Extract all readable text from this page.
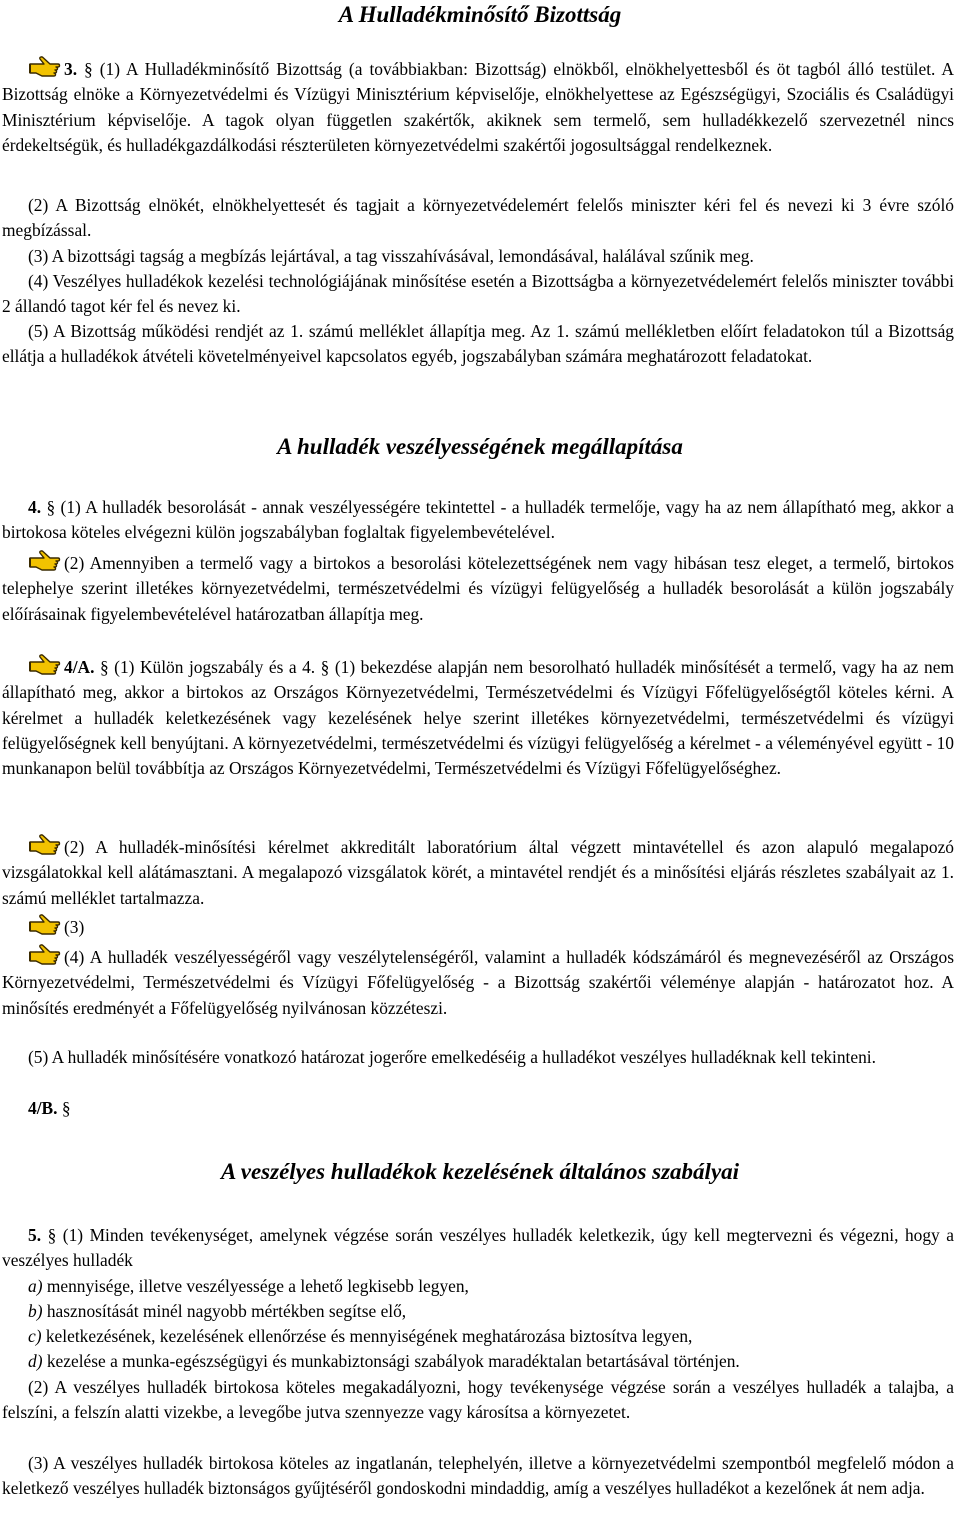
A Hulladékminősítő Bizottság

3. § (1) A Hulladékminősítő Bizottság (a továbbiakban: Bizottság) elnökből, elnökhelyettesből és öt tagból álló testület. A Bizottság elnöke a Környezetvédelmi és Vízügyi Minisztérium képviselője, elnökhelyettese az Egészségügyi, Szociális és Családügyi Minisztérium képviselője. A tagok olyan független szakértők, akiknek sem termelő, sem hulladékkezelő szervezetnél nincs érdekeltségük, és hulladékgazdálkodási részterületen környezetvédelmi szakértői jogosultsággal rendelkeznek.

(2) A Bizottság elnökét, elnökhelyettesét és tagjait a környezetvédelemért felelős miniszter kéri fel és nevezi ki 3 évre szóló megbízással.

(3) A bizottsági tagság a megbízás lejártával, a tag visszahívásával, lemondásával, halálával szűnik meg.

(4) Veszélyes hulladékok kezelési technológiájának minősítése esetén a Bizottságba a környezetvédelemért felelős miniszter további 2 állandó tagot kér fel és nevez ki.

(5) A Bizottság működési rendjét az 1. számú melléklet állapítja meg. Az 1. számú mellékletben előírt feladatokon túl a Bizottság ellátja a hulladékok átvételi követelményeivel kapcsolatos egyéb, jogszabályban számára meghatározott feladatokat.

A hulladék veszélyességének megállapítása

4. § (1) A hulladék besorolását - annak veszélyességére tekintettel - a hulladék termelője, vagy ha az nem állapítható meg, akkor a birtokosa köteles elvégezni külön jogszabályban foglaltak figyelembevételével.

(2) Amennyiben a termelő vagy a birtokos a besorolási kötelezettségének nem vagy hibásan tesz eleget, a termelő, birtokos telephelye szerint illetékes környezetvédelmi, természetvédelmi és vízügyi felügyelőség a hulladék besorolását a külön jogszabály előírásainak figyelembevételével határozatban állapítja meg.

4/A. § (1) Külön jogszabály és a 4. § (1) bekezdése alapján nem besorolható hulladék minősítését a termelő, vagy ha az nem állapítható meg, akkor a birtokos az Országos Környezetvédelmi, Természetvédelmi és Vízügyi Főfelügyelőségtől köteles kérni. A kérelmet a hulladék keletkezésének vagy kezelésének helye szerint illetékes környezetvédelmi, természetvédelmi és vízügyi felügyelőségnek kell benyújtani. A környezetvédelmi, természetvédelmi és vízügyi felügyelőség a kérelmet - a véleményével együtt - 10 munkanapon belül továbbítja az Országos Környezetvédelmi, Természetvédelmi és Vízügyi Főfelügyelőséghez.

(2) A hulladék-minősítési kérelmet akkreditált laboratórium által végzett mintavétellel és azon alapuló megalapozó vizsgálatokkal kell alátámasztani. A megalapozó vizsgálatok körét, a mintavétel rendjét és a minősítési eljárás részletes szabályait az 1. számú melléklet tartalmazza.

(3)

(4) A hulladék veszélyességéről vagy veszélytelenségéről, valamint a hulladék kódszámáról és megnevezéséről az Országos Környezetvédelmi, Természetvédelmi és Vízügyi Főfelügyelőség - a Bizottság szakértői véleménye alapján - határozatot hoz. A minősítés eredményét a Főfelügyelőség nyilvánosan közzéteszi.

(5) A hulladék minősítésére vonatkozó határozat jogerőre emelkedéséig a hulladékot veszélyes hulladéknak kell tekinteni.

4/B. §

A veszélyes hulladékok kezelésének általános szabályai

5. § (1) Minden tevékenységet, amelynek végzése során veszélyes hulladék keletkezik, úgy kell megtervezni és végezni, hogy a veszélyes hulladék

a) mennyisége, illetve veszélyessége a lehető legkisebb legyen,

b) hasznosítását minél nagyobb mértékben segítse elő,

c) keletkezésének, kezelésének ellenőrzése és mennyiségének meghatározása biztosítva legyen,

d) kezelése a munka-egészségügyi és munkabiztonsági szabályok maradéktalan betartásával történjen.

(2) A veszélyes hulladék birtokosa köteles megakadályozni, hogy tevékenysége végzése során a veszélyes hulladék a talajba, a felszíni, a felszín alatti vizekbe, a levegőbe jutva szennyezze vagy károsítsa a környezetet.

(3) A veszélyes hulladék birtokosa köteles az ingatlanán, telephelyén, illetve a környezetvédelmi szempontból megfelelő módon a keletkező veszélyes hulladék biztonságos gyűjtéséről gondoskodni mindaddig, amíg a veszélyes hulladékot a kezelőnek át nem adja.
